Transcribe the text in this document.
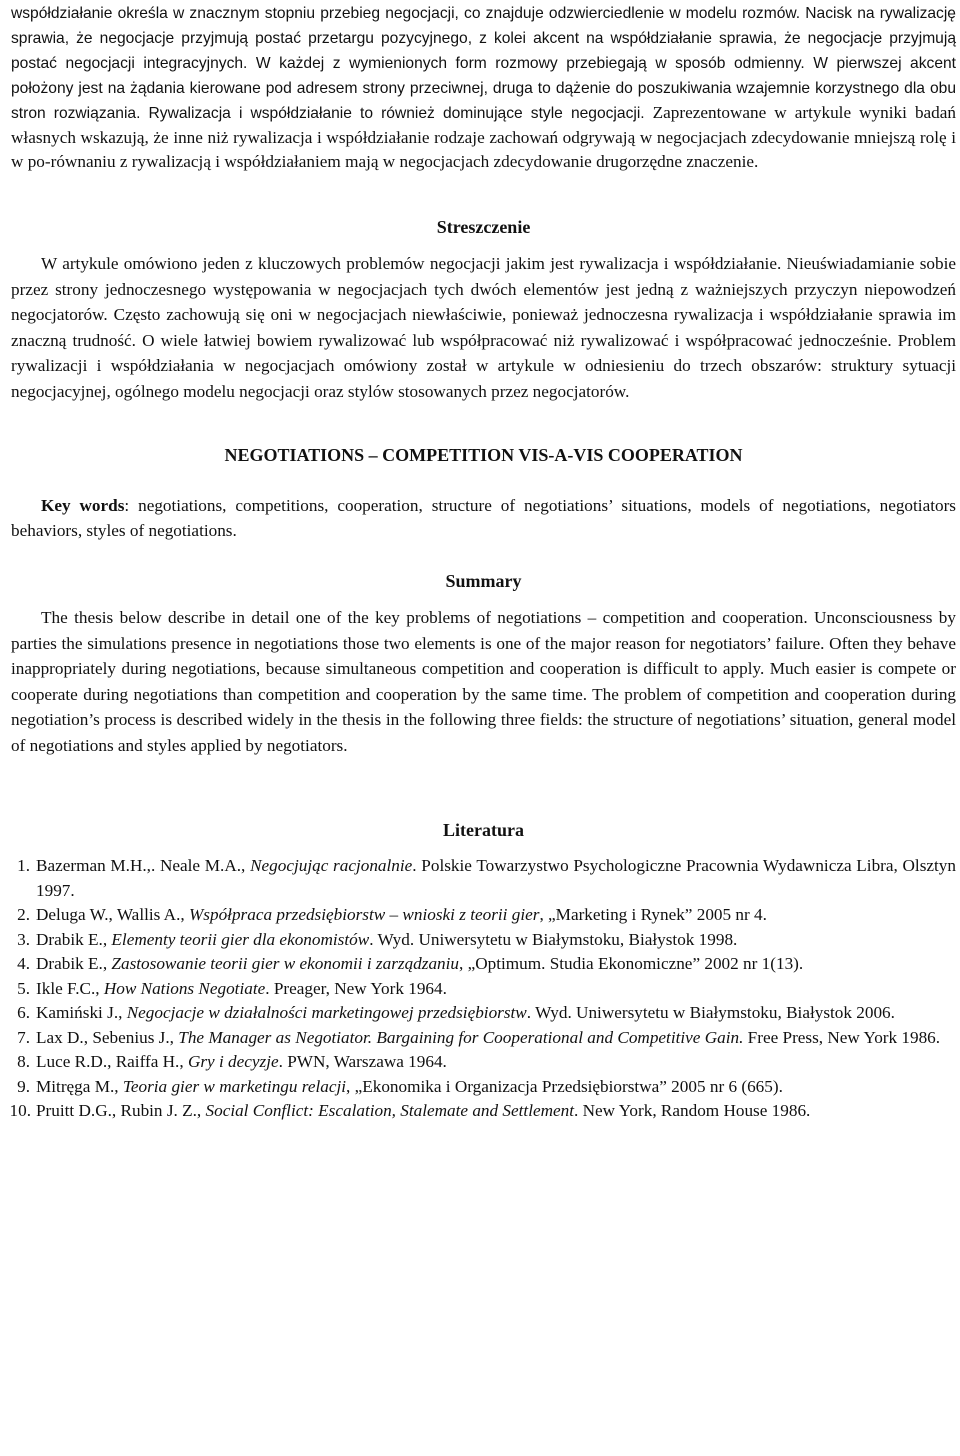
współdziałanie określa w znacznym stopniu przebieg negocjacji, co znajduje odzwierciedlenie w modelu rozmów. Nacisk na rywalizację sprawia, że negocjacje przyjmują postać przetargu pozycyjnego, z kolei akcent na współdziałanie sprawia, że negocjacje przyjmują postać negocjacji integracyjnych. W każdej z wymienionych form rozmowy przebiegają w sposób odmienny. W pierwszej akcent położony jest na żądania kierowane pod adresem strony przeciwnej, druga to dążenie do poszukiwania wzajemnie korzystnego dla obu stron rozwiązania. Rywalizacja i współdziałanie to również dominujące style negocjacji. Zaprezentowane w artykule wyniki badań własnych wskazują, że inne niż rywalizacja i współdziałanie rodzaje zachowań odgrywają w negocjacjach zdecydowanie mniejszą rolę i w po-równaniu z rywalizacją i współdziałaniem mają w negocjacjach zdecydowanie drugorzędne znaczenie.

Streszczenie

W artykule omówiono jeden z kluczowych problemów negocjacji jakim jest rywalizacja i współdziałanie. Nieuświadamianie sobie przez strony jednoczesnego występowania w negocjacjach tych dwóch elementów jest jedną z ważniejszych przyczyn niepowodzeń negocjatorów. Często zachowują się oni w negocjacjach niewłaściwie, ponieważ jednoczesna rywalizacja i współdziałanie sprawia im znaczną trudność. O wiele łatwiej bowiem rywalizować lub współpracować niż rywalizować i współpracować jednocześnie. Problem rywalizacji i współdziałania w negocjacjach omówiony został w artykule w odniesieniu do trzech obszarów: struktury sytuacji negocjacyjnej, ogólnego modelu negocjacji oraz stylów stosowanych przez negocjatorów.

NEGOTIATIONS – COMPETITION VIS-A-VIS COOPERATION

Key words: negotiations, competitions, cooperation, structure of negotiations’ situations, models of negotiations, negotiators behaviors, styles of negotiations.

Summary

The thesis below describe in detail one of the key problems of negotiations – competition and cooperation. Unconsciousness by parties the simulations presence in negotiations those two elements is one of the major reason for negotiators’ failure. Often they behave inappropriately during negotiations, because simultaneous competition and cooperation is difficult to apply. Much easier is compete or cooperate during negotiations than competition and cooperation by the same time. The problem of competition and cooperation during negotiation’s process is described widely in the thesis in the following three fields: the structure of negotiations’ situation, general model of negotiations and styles applied by negotiators.

Literatura
1. Bazerman M.H.,. Neale M.A., Negocjując racjonalnie. Polskie Towarzystwo Psychologiczne Pracownia Wydawnicza Libra, Olsztyn 1997.
2. Deluga W., Wallis A., Współpraca przedsiębiorstw – wnioski z teorii gier, „Marketing i Rynek” 2005 nr 4.
3. Drabik E., Elementy teorii gier dla ekonomistów. Wyd. Uniwersytetu w Białymstoku, Białystok 1998.
4. Drabik E., Zastosowanie teorii gier w ekonomii i zarządzaniu, „Optimum. Studia Ekonomiczne” 2002 nr 1(13).
5. Ikle F.C., How Nations Negotiate. Preager, New York 1964.
6. Kamiński J., Negocjacje w działalności marketingowej przedsiębiorstw. Wyd. Uniwersytetu w Białymstoku, Białystok 2006.
7. Lax D., Sebenius J., The Manager as Negotiator. Bargaining for Cooperational and Competitive Gain. Free Press, New York 1986.
8. Luce R.D., Raiffa H., Gry i decyzje. PWN, Warszawa 1964.
9. Mitręga M., Teoria gier w marketingu relacji, „Ekonomika i Organizacja Przedsiębiorstwa” 2005 nr 6 (665).
10. Pruitt D.G., Rubin J. Z., Social Conflict: Escalation, Stalemate and Settlement. New York, Random House 1986.
